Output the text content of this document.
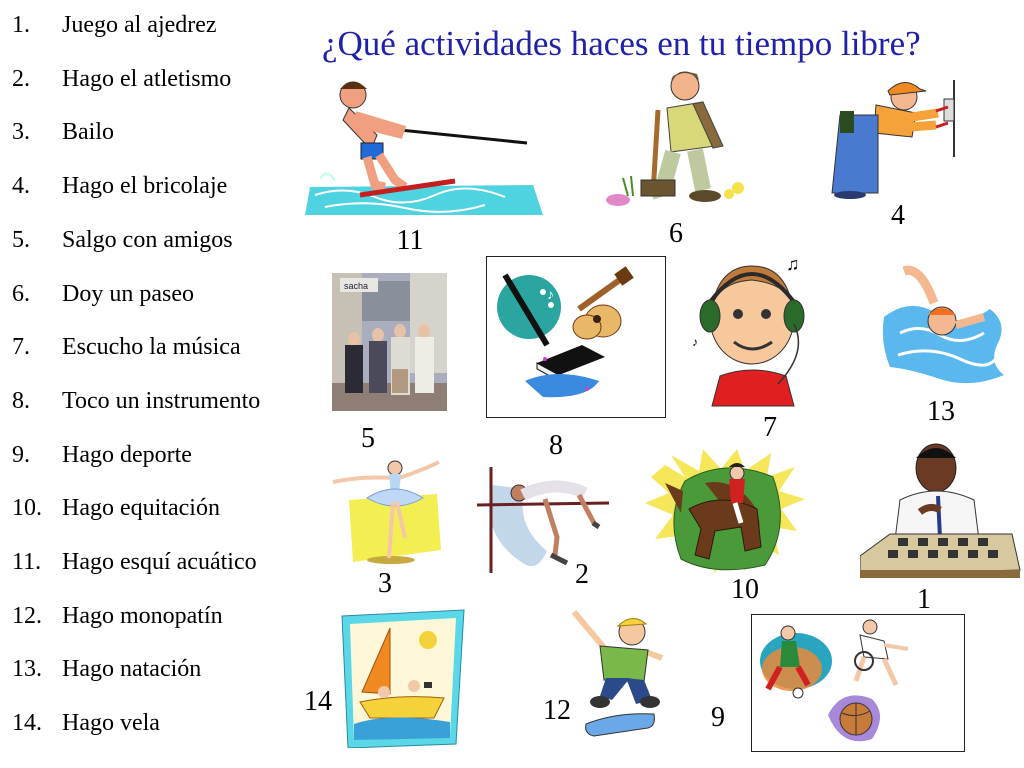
1. Juego al ajedrez
2. Hago el atletismo
3. Bailo
4. Hago el bricolaje
5. Salgo con amigos
6. Doy un paseo
7. Escucho la música
8. Toco un instrumento
9. Hago deporte
10. Hago equitación
11. Hago esquí acuático
12. Hago monopatín
13. Hago natación
14. Hago vela
¿Qué actividades haces en tu tiempo libre?
sacha
♪
♫
♪
11	6
4
5	8
7
13
3	2	10	1
14	12	9
